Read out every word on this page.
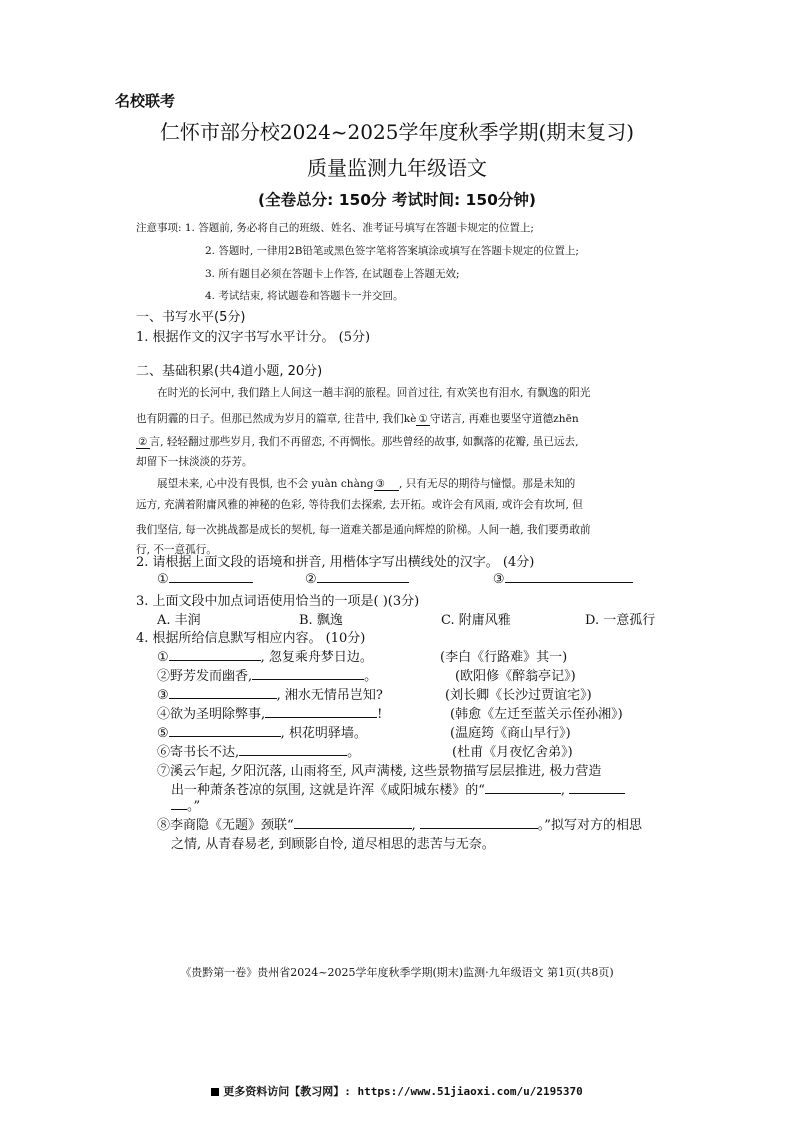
名校联考
仁怀市部分校2024~2025学年度秋季学期(期末复习)
质量监测九年级语文
(全卷总分: 150分 考试时间: 150分钟)
注意事项: 1. 答题前, 务必将自己的班级、姓名、准考证号填写在答题卡规定的位置上;
2. 答题时, 一律用2B铅笔或黑色签字笔将答案填涂或填写在答题卡规定的位置上;
3. 所有题目必须在答题卡上作答, 在试题卷上答题无效;
4. 考试结束, 将试题卷和答题卡一并交回。
一、书写水平(5分)
1. 根据作文的汉字书写水平计分。 (5分)
二、基础积累(共4道小题, 20分)
在时光的长河中, 我们踏上人间这一趟丰润的旅程。回首过往, 有欢笑也有泪水, 有飘逸的阳光
也有阴霾的日子。但那已然成为岁月的篇章, 往昔中, 我们kè ① 守诺言, 再难也要坚守道德zhēn
② 言, 轻轻翻过那些岁月, 我们不再留恋, 不再惆怅。那些曾经的故事, 如飘落的花瓣, 虽已远去,
却留下一抹淡淡的芬芳。
展望未来, 心中没有畏惧, 也不会 yuàn chàng ③ , 只有无尽的期待与憧憬。那是未知的
远方, 充满着附庸风雅的神秘的色彩, 等待我们去探索, 去开拓。或许会有风雨, 或许会有坎坷, 但
我们坚信, 每一次挑战都是成长的契机, 每一道难关都是通向辉煌的阶梯。人间一趟, 我们要勇敢前
行, 不一意孤行。
2. 请根据上面文段的语境和拼音, 用楷体字写出横线处的汉字。 (4分)
①	②	③
3. 上面文段中加点词语使用恰当的一项是( )(3分)
A. 丰润	B. 飘逸	C. 附庸风雅	D. 一意孤行
4. 根据所给信息默写相应内容。 (10分)
①	, 忽复乘舟梦日边。	(李白《行路难》其一)
②野芳发而幽香,	。	(欧阳修《醉翁亭记》)
③	, 湘水无情吊岂知?	(刘长卿《长沙过贾谊宅》)
④欲为圣明除弊事,	!	(韩愈《左迁至蓝关示侄孙湘》)
⑤	, 枳花明驿墙。	(温庭筠《商山早行》)
⑥寄书长不达,	。	(杜甫《月夜忆舍弟》)
⑦溪云乍起, 夕阳沉落, 山雨将至, 风声满楼, 这些景物描写层层推进, 极力营造
出一种萧条苍凉的氛围, 这就是许浑《咸阳城东楼》的“	,
。”
⑧李商隐《无题》颈联“	,	。”拟写对方的相思
之情, 从青春易老, 到顾影自怜, 道尽相思的悲苦与无奈。
《贵黔第一卷》贵州省2024~2025学年度秋季学期(期末)监测·九年级语文 第1页(共8页)
更多资料访问【教习网】: https://www.51jiaoxi.com/u/2195370
